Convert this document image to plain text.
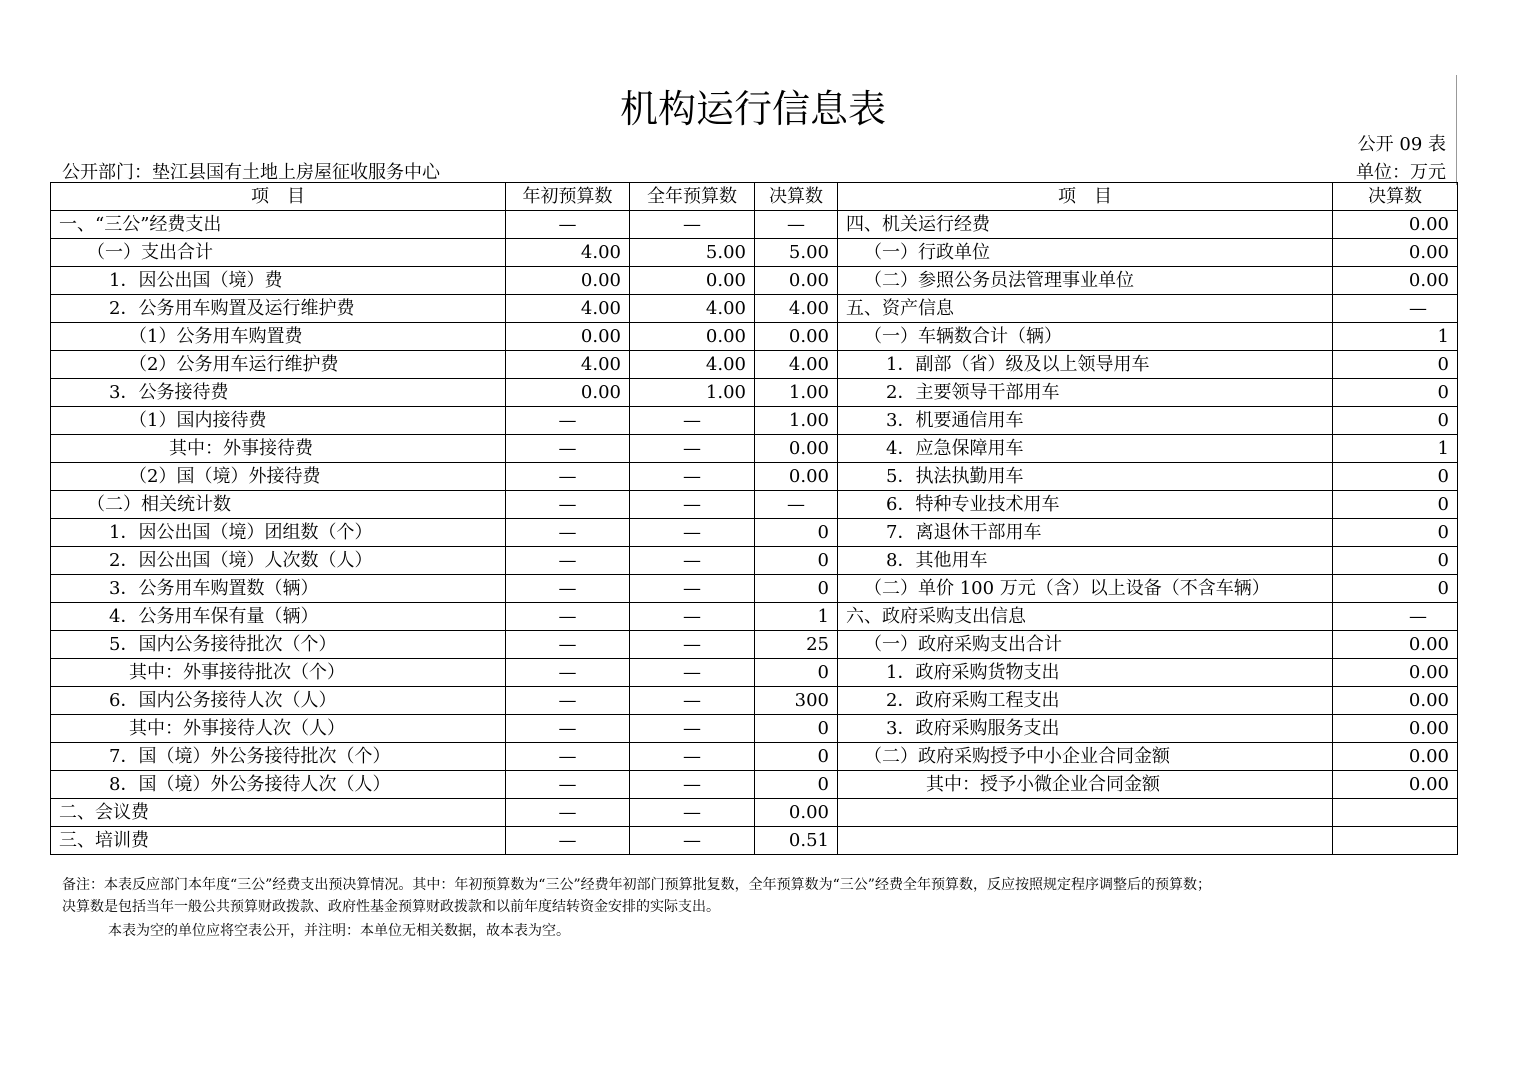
机构运行信息表
公开 09 表
公开部门：垫江县国有土地上房屋征收服务中心	单位：万元
项　目	年初预算数	全年预算数	决算数	项　目	决算数
一、“三公”经费支出	—	—	—	四、机关运行经费	0.00
（一）支出合计	4.00	5.00	5.00	（一）行政单位	0.00
1．因公出国（境）费	0.00	0.00	0.00	（二）参照公务员法管理事业单位	0.00
2．公务用车购置及运行维护费	4.00	4.00	4.00	五、资产信息	—
（1）公务用车购置费	0.00	0.00	0.00	（一）车辆数合计（辆）	1
（2）公务用车运行维护费	4.00	4.00	4.00	1．副部（省）级及以上领导用车	0
3．公务接待费	0.00	1.00	1.00	2．主要领导干部用车	0
（1）国内接待费	—	—	1.00	3．机要通信用车	0
其中：外事接待费	—	—	0.00	4．应急保障用车	1
（2）国（境）外接待费	—	—	0.00	5．执法执勤用车	0
（二）相关统计数	—	—	—	6．特种专业技术用车	0
1．因公出国（境）团组数（个）	—	—	0	7．离退休干部用车	0
2．因公出国（境）人次数（人）	—	—	0	8．其他用车	0
3．公务用车购置数（辆）	—	—	0	（二）单价 100 万元（含）以上设备（不含车辆）	0
4．公务用车保有量（辆）	—	—	1	六、政府采购支出信息	—
5．国内公务接待批次（个）	—	—	25	（一）政府采购支出合计	0.00
其中：外事接待批次（个）	—	—	0	1．政府采购货物支出	0.00
6．国内公务接待人次（人）	—	—	300	2．政府采购工程支出	0.00
其中：外事接待人次（人）	—	—	0	3．政府采购服务支出	0.00
7．国（境）外公务接待批次（个）	—	—	0	（二）政府采购授予中小企业合同金额	0.00
8．国（境）外公务接待人次（人）	—	—	0	其中：授予小微企业合同金额	0.00
二、会议费	—	—	0.00		
三、培训费	—	—	0.51		
备注：本表反应部门本年度“三公”经费支出预决算情况。其中：年初预算数为“三公”经费年初部门预算批复数，全年预算数为“三公”经费全年预算数，反应按照规定程序调整后的预算数；
决算数是包括当年一般公共预算财政拨款、政府性基金预算财政拨款和以前年度结转资金安排的实际支出。
本表为空的单位应将空表公开，并注明：本单位无相关数据，故本表为空。
